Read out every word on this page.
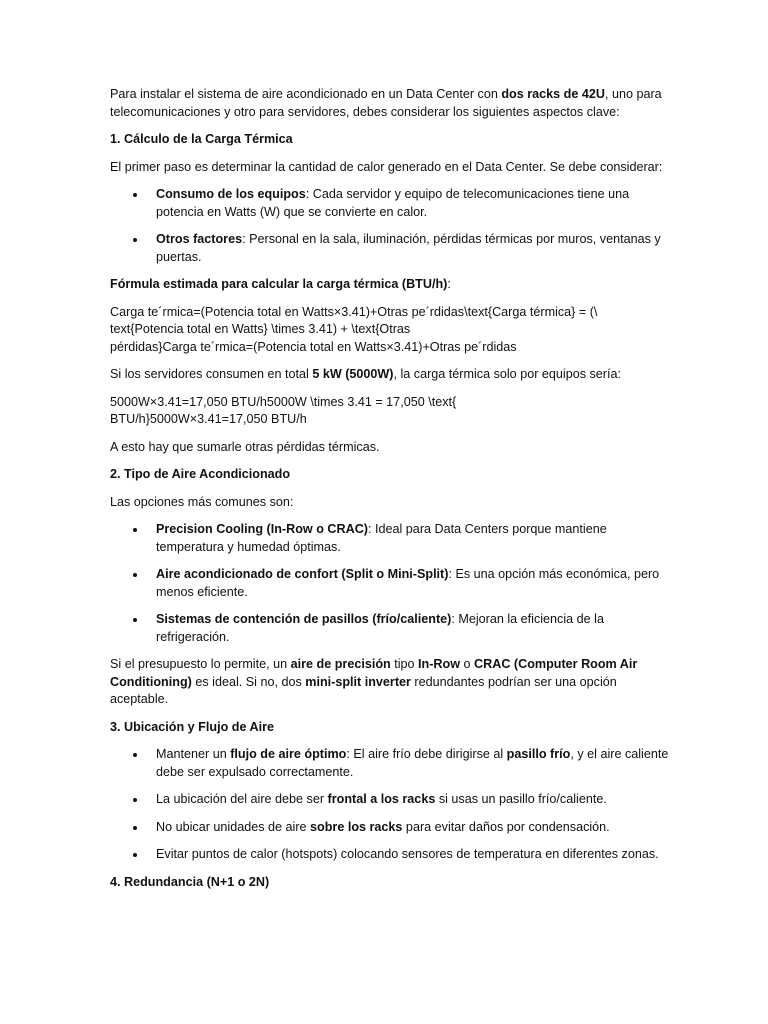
Para instalar el sistema de aire acondicionado en un Data Center con dos racks de 42U, uno para telecomunicaciones y otro para servidores, debes considerar los siguientes aspectos clave:

1. Cálculo de la Carga Térmica

El primer paso es determinar la cantidad de calor generado en el Data Center. Se debe considerar:

Consumo de los equipos: Cada servidor y equipo de telecomunicaciones tiene una potencia en Watts (W) que se convierte en calor.
Otros factores: Personal en la sala, iluminación, pérdidas térmicas por muros, ventanas y puertas.

Fórmula estimada para calcular la carga térmica (BTU/h):

Carga te´rmica=(Potencia total en Watts×3.41)+Otras pe´rdidas\text{Carga térmica} = (\
text{Potencia total en Watts} \times 3.41) + \text{Otras
pérdidas}Carga te´rmica=(Potencia total en Watts×3.41)+Otras pe´rdidas

Si los servidores consumen en total 5 kW (5000W), la carga térmica solo por equipos sería:

5000W×3.41=17,050 BTU/h5000W \times 3.41 = 17,050 \text{
BTU/h}5000W×3.41=17,050 BTU/h

A esto hay que sumarle otras pérdidas térmicas.

2. Tipo de Aire Acondicionado

Las opciones más comunes son:

Precision Cooling (In-Row o CRAC): Ideal para Data Centers porque mantiene temperatura y humedad óptimas.
Aire acondicionado de confort (Split o Mini-Split): Es una opción más económica, pero menos eficiente.
Sistemas de contención de pasillos (frío/caliente): Mejoran la eficiencia de la refrigeración.

Si el presupuesto lo permite, un aire de precisión tipo In-Row o CRAC (Computer Room Air Conditioning) es ideal. Si no, dos mini-split inverter redundantes podrían ser una opción aceptable.

3. Ubicación y Flujo de Aire

Mantener un flujo de aire óptimo: El aire frío debe dirigirse al pasillo frío, y el aire caliente debe ser expulsado correctamente.
La ubicación del aire debe ser frontal a los racks si usas un pasillo frío/caliente.
No ubicar unidades de aire sobre los racks para evitar daños por condensación.
Evitar puntos de calor (hotspots) colocando sensores de temperatura en diferentes zonas.

4. Redundancia (N+1 o 2N)
